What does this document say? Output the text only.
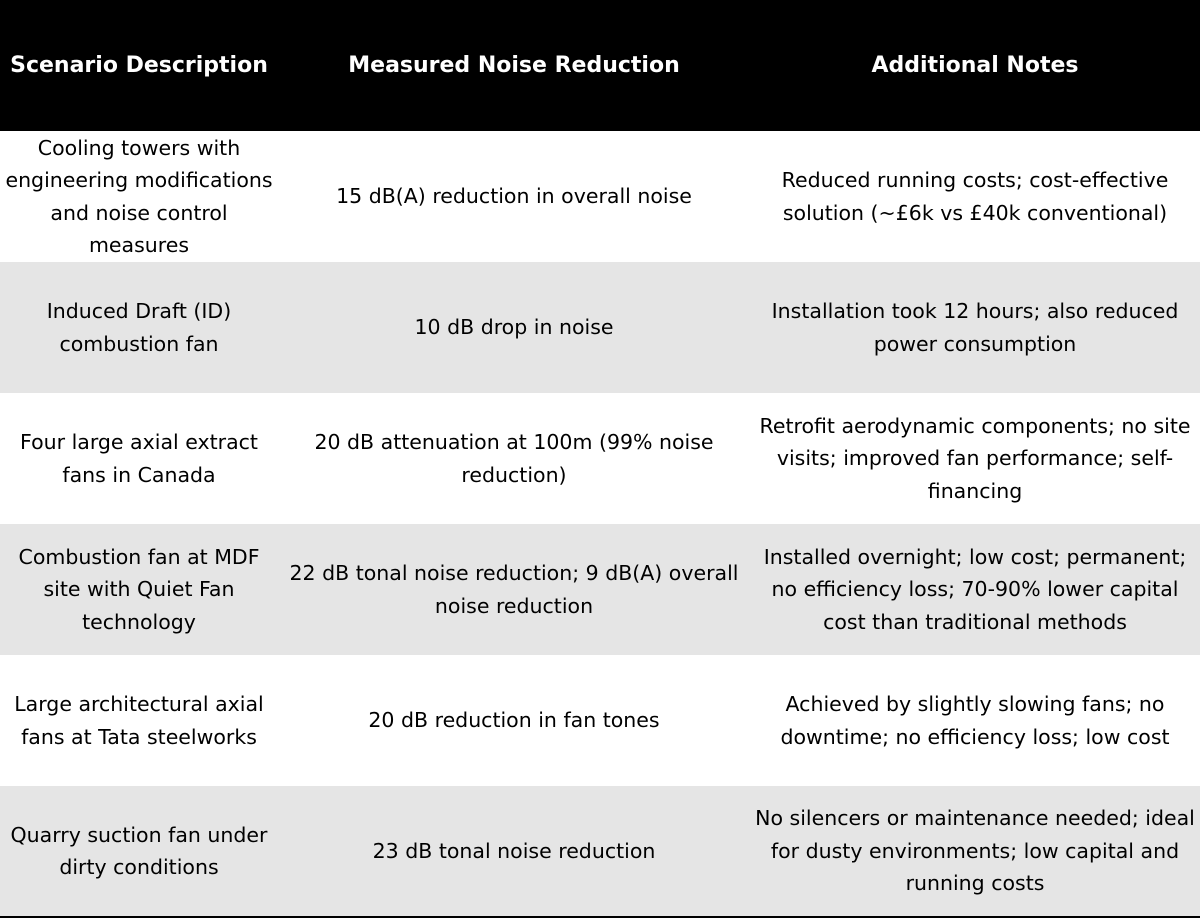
Scenario Description	Measured Noise Reduction	Additional Notes
Cooling towers with engineering modifications and noise control measures	15 dB(A) reduction in overall noise	Reduced running costs; cost-effective solution (~£6k vs £40k conventional)
Induced Draft (ID) combustion fan	10 dB drop in noise	Installation took 12 hours; also reduced power consumption
Four large axial extract fans in Canada	20 dB attenuation at 100m (99% noise reduction)	Retrofit aerodynamic components; no site visits; improved fan performance; self-financing
Combustion fan at MDF site with Quiet Fan technology	22 dB tonal noise reduction; 9 dB(A) overall noise reduction	Installed overnight; low cost; permanent; no efficiency loss; 70-90% lower capital cost than traditional methods
Large architectural axial fans at Tata steelworks	20 dB reduction in fan tones	Achieved by slightly slowing fans; no downtime; no efficiency loss; low cost
Quarry suction fan under dirty conditions	23 dB tonal noise reduction	No silencers or maintenance needed; ideal for dusty environments; low capital and running costs
